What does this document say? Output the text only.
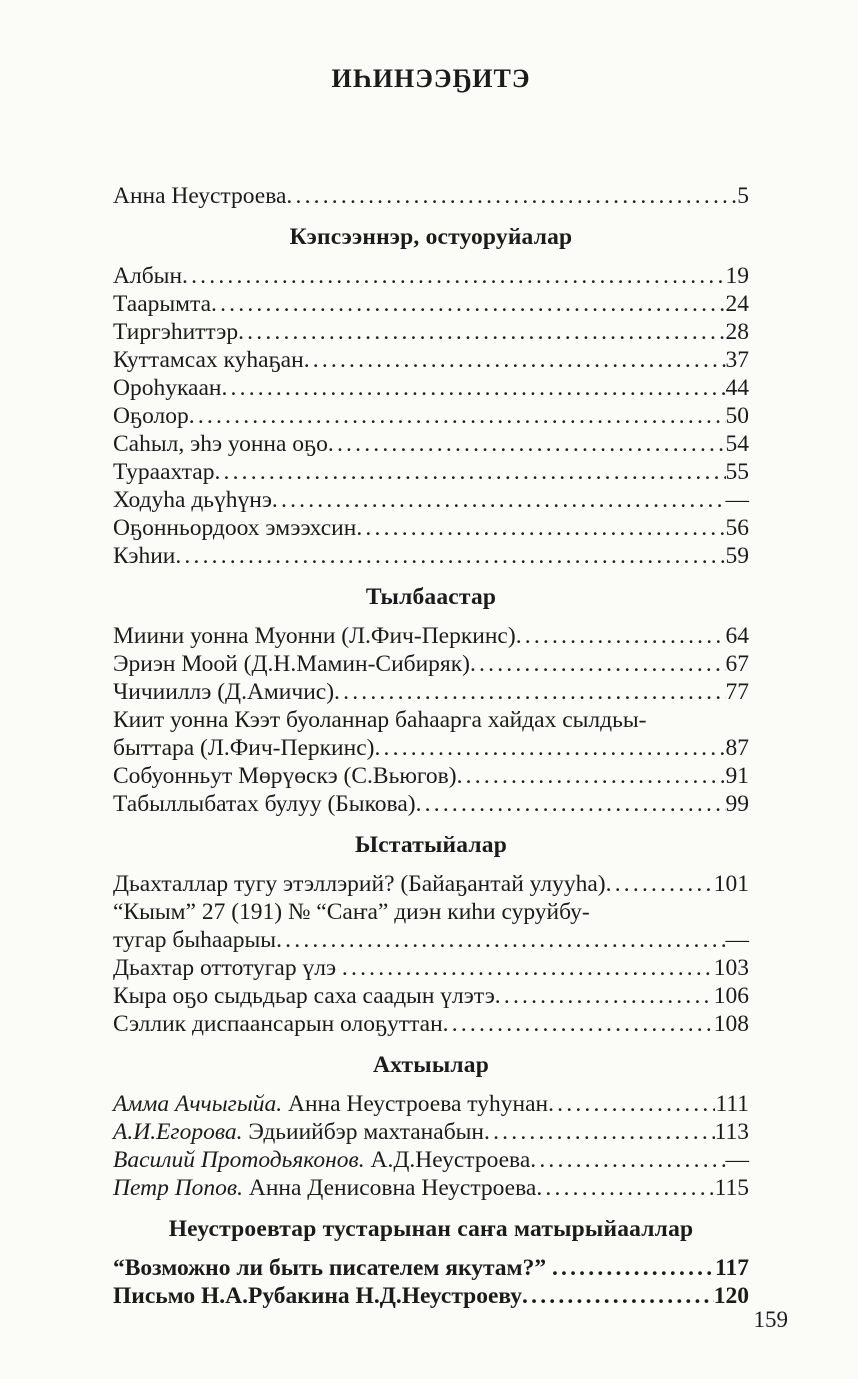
ИҺИНЭЭҔИТЭ
Анна Неустроева .....	5
Кэпсээннэр, остуоруйалар
Албын .....	19
Таарымта .....	24
Тиргэһиттэр .....	28
Куттамсах куһаҕан .....	37
Ороһукаан .....	44
Оҕолор .....	50
Саһыл, эһэ уонна оҕо .....	54
Тураахтар .....	55
Ходуһа дьүһүнэ .....	—
Оҕонньордоох эмээхсин .....	56
Кэһии .....	59
Тылбаастар
Миини уонна Муонни (Л.Фич-Перкинс) .....	64
Эриэн Моой (Д.Н.Мамин-Сибиряк) .....	67
Чичииллэ (Д.Амичис) .....	77
Киит уонна Кээт буоланнар баһаарга хайдах сылдьы-
быттара (Л.Фич-Перкинс) .....	87
Собуонньут Мөрүөскэ (С.Вьюгов) .....	91
Табыллыбатах булуу (Быкова) .....	99
Ыстатыйалар
Дьахталлар тугу этэллэрий? (Байаҕантай улууһа) .....	101
“Кыым” 27 (191) № “Саҥа” диэн киһи суруйбу-
тугар быһаарыы .....	—
Дьахтар оттотугар үлэ .....	103
Кыра оҕо сыдьдьар саха саадын үлэтэ .....	106
Сэллик диспаансарын олоҕуттан .....	108
Ахтыылар
Амма Аччыгыйа. Анна Неустроева туһунан .....	111
А.И.Егорова. Эдьиийбэр махтанабын .....	113
Василий Протодьяконов. А.Д.Неустроева .....	—
Петр Попов. Анна Денисовна Неустроева .....	115
Неустроевтар тустарынан саҥа матырыйааллар
“Возможно ли быть писателем якутам?” .....	117
Письмо Н.А.Рубакина Н.Д.Неустроеву .....	120
159
